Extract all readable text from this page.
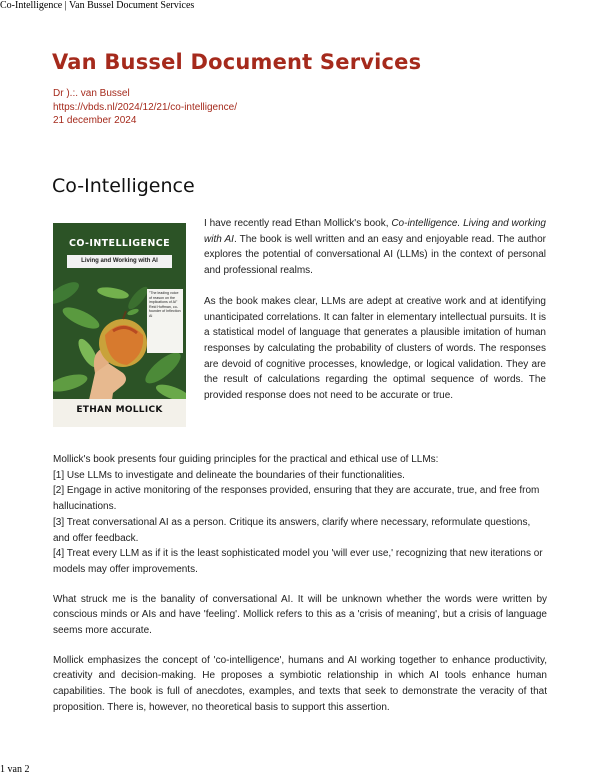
Co-Intelligence | Van Bussel Document Services
Van Bussel Document Services
Dr ).:. van Bussel
https://vbds.nl/2024/12/21/co-intelligence/
21 december 2024
Co-Intelligence
CO-INTELLIGENCE
Living and Working with AI
"The leading voice of reason on the implications of AI" Reid Hoffman, co-founder of Inflection AI
ETHAN MOLLICK

I have recently read Ethan Mollick's book, Co-intelligence. Living and working with AI. The book is well written and an easy and enjoyable read. The author explores the potential of conversational AI (LLMs) in the context of personal and professional realms.

As the book makes clear, LLMs are adept at creative work and at identifying unanticipated correlations. It can falter in elementary intellectual pursuits. It is a statistical model of language that generates a plausible imitation of human responses by calculating the probability of clusters of words. The responses are devoid of cognitive processes, knowledge, or logical validation. They are the result of calculations regarding the optimal sequence of words. The provided response does not need to be accurate or true.

Mollick's book presents four guiding principles for the practical and ethical use of LLMs:

[1] Use LLMs to investigate and delineate the boundaries of their functionalities.

[2] Engage in active monitoring of the responses provided, ensuring that they are accurate, true, and free from hallucinations.

[3] Treat conversational AI as a person. Critique its answers, clarify where necessary, reformulate questions, and offer feedback.

[4] Treat every LLM as if it is the least sophisticated model you 'will ever use,' recognizing that new iterations or models may offer improvements.

What struck me is the banality of conversational AI. It will be unknown whether the words were written by conscious minds or AIs and have 'feeling'. Mollick refers to this as a 'crisis of meaning', but a crisis of language seems more accurate.

Mollick emphasizes the concept of 'co-intelligence', humans and AI working together to enhance productivity, creativity and decision-making. He proposes a symbiotic relationship in which AI tools enhance human capabilities. The book is full of anecdotes, examples, and texts that seek to demonstrate the veracity of that proposition. There is, however, no theoretical basis to support this assertion.

1 van 2
